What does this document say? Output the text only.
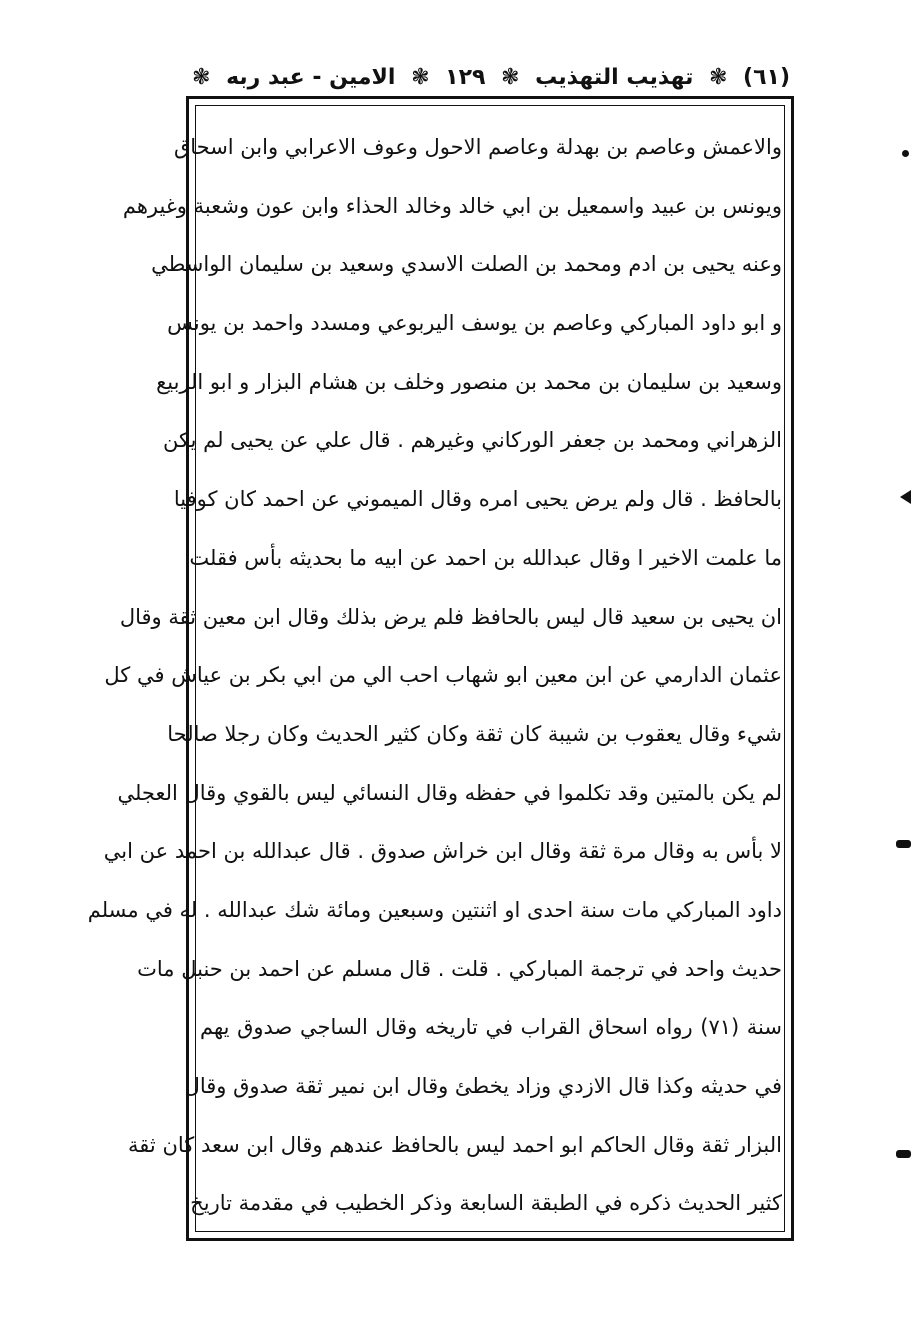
(٦١)
❃
تهذيب التهذيب
❃
١٢٩
❃
الامين - عبد ربه
❃
والاعمش وعاصم بن بهدلة وعاصم الاحول وعوف الاعرابي وابن اسحاق
ويونس بن عبيد واسمعيل بن ابي خالد وخالد الحذاء وابن عون وشعبة وغيرهم
وعنه يحيى بن ادم ومحمد بن الصلت الاسدي وسعيد بن سليمان الواسطي
و ابو داود المباركي وعاصم بن يوسف اليربوعي ومسدد واحمد بن يونس
وسعيد بن سليمان بن محمد بن منصور وخلف بن هشام البزار و ابو الربيع
الزهراني ومحمد بن جعفر الوركاني وغيرهم . قال علي عن يحيى لم يكن
بالحافظ . قال ولم يرض يحيى امره وقال الميموني عن احمد كان كوفيا
ما علمت الاخير ا وقال عبدالله بن احمد عن ابيه ما بحديثه بأس فقلت
ان يحيى بن سعيد قال ليس بالحافظ فلم يرض بذلك وقال ابن معين ثقة وقال
عثمان الدارمي عن ابن معين ابو شهاب احب الي من ابي بكر بن عياش في كل
شيء وقال يعقوب بن شيبة كان ثقة وكان كثير الحديث وكان رجلا صالحا
لم يكن بالمتين وقد تكلموا في حفظه وقال النسائي ليس بالقوي وقال العجلي
لا بأس به وقال مرة ثقة وقال ابن خراش صدوق . قال عبدالله بن احمد عن ابي
داود المباركي مات سنة احدى او اثنتين وسبعين ومائة شك عبدالله . له في مسلم
حديث واحد في ترجمة المباركي . قلت . قال مسلم عن احمد بن حنبل مات
سنة (٧١) رواه اسحاق القراب في تاريخه وقال الساجي صدوق يهم
في حديثه وكذا قال الازدي وزاد يخطئ وقال ابن نمير ثقة صدوق وقال
البزار ثقة وقال الحاكم ابو احمد ليس بالحافظ عندهم وقال ابن سعد كان ثقة
كثير الحديث ذكره في الطبقة السابعة وذكر الخطيب في مقدمة تاريخ
